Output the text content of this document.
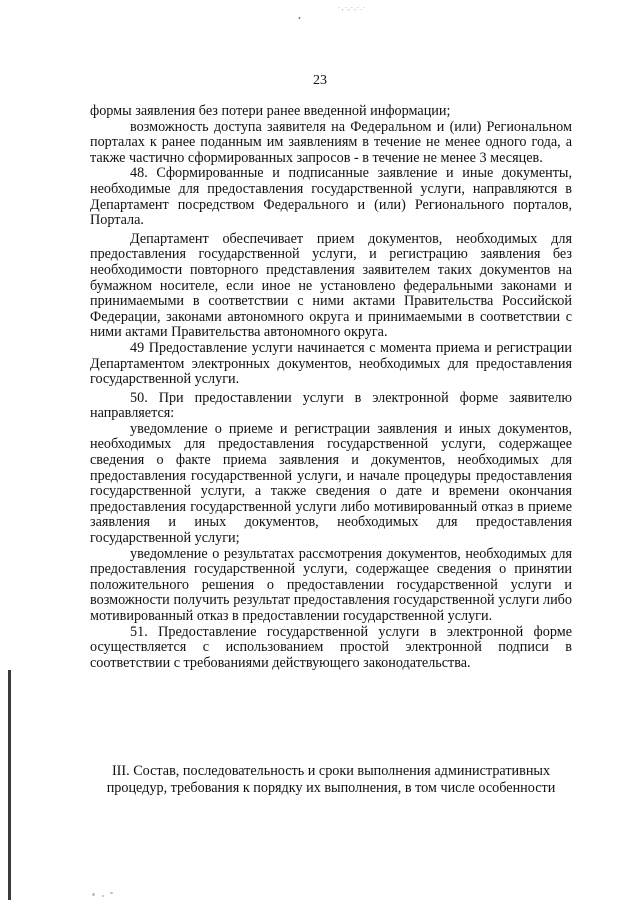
·‚·,·,·.·
•
23

формы заявления без потери ранее введенной информации;

возможность доступа заявителя на Федеральном и (или) Региональном порталах к ранее поданным им заявлениям в течение не менее одного года, а также частично сформированных запросов - в течение не менее 3 месяцев.

48. Сформированные и подписанные заявление и иные документы, необходимые для предоставления государственной услуги, направляются в Департамент посредством Федерального и (или) Регионального порталов, Портала.

Департамент обеспечивает прием документов, необходимых для предоставления государственной услуги, и регистрацию заявления без необходимости повторного представления заявителем таких документов на бумажном носителе, если иное не установлено федеральными законами и принимаемыми в соответствии с ними актами Правительства Российской Федерации, законами автономного округа и принимаемыми в соответствии с ними актами Правительства автономного округа.

49 Предоставление услуги начинается с момента приема и регистрации Департаментом электронных документов, необходимых для предоставления государственной услуги.

50. При предоставлении услуги в электронной форме заявителю направляется:

уведомление о приеме и регистрации заявления и иных документов, необходимых для предоставления государственной услуги, содержащее сведения о факте приема заявления и документов, необходимых для предоставления государственной услуги, и начале процедуры предоставления государственной услуги, а также сведения о дате и времени окончания предоставления государственной услуги либо мотивированный отказ в приеме заявления и иных документов, необходимых для предоставления государственной услуги;

уведомление о результатах рассмотрения документов, необходимых для предоставления государственной услуги, содержащее сведения о принятии положительного решения о предоставлении государственной услуги и возможности получить результат предоставления государственной услуги либо мотивированный отказ в предоставлении государственной услуги.

51. Предоставление государственной услуги в электронной форме осуществляется с использованием простой электронной подписи в соответствии с требованиями действующего законодательства.

III. Состав, последовательность и сроки выполнения административных процедур, требования к порядку их выполнения, в том числе особенности
